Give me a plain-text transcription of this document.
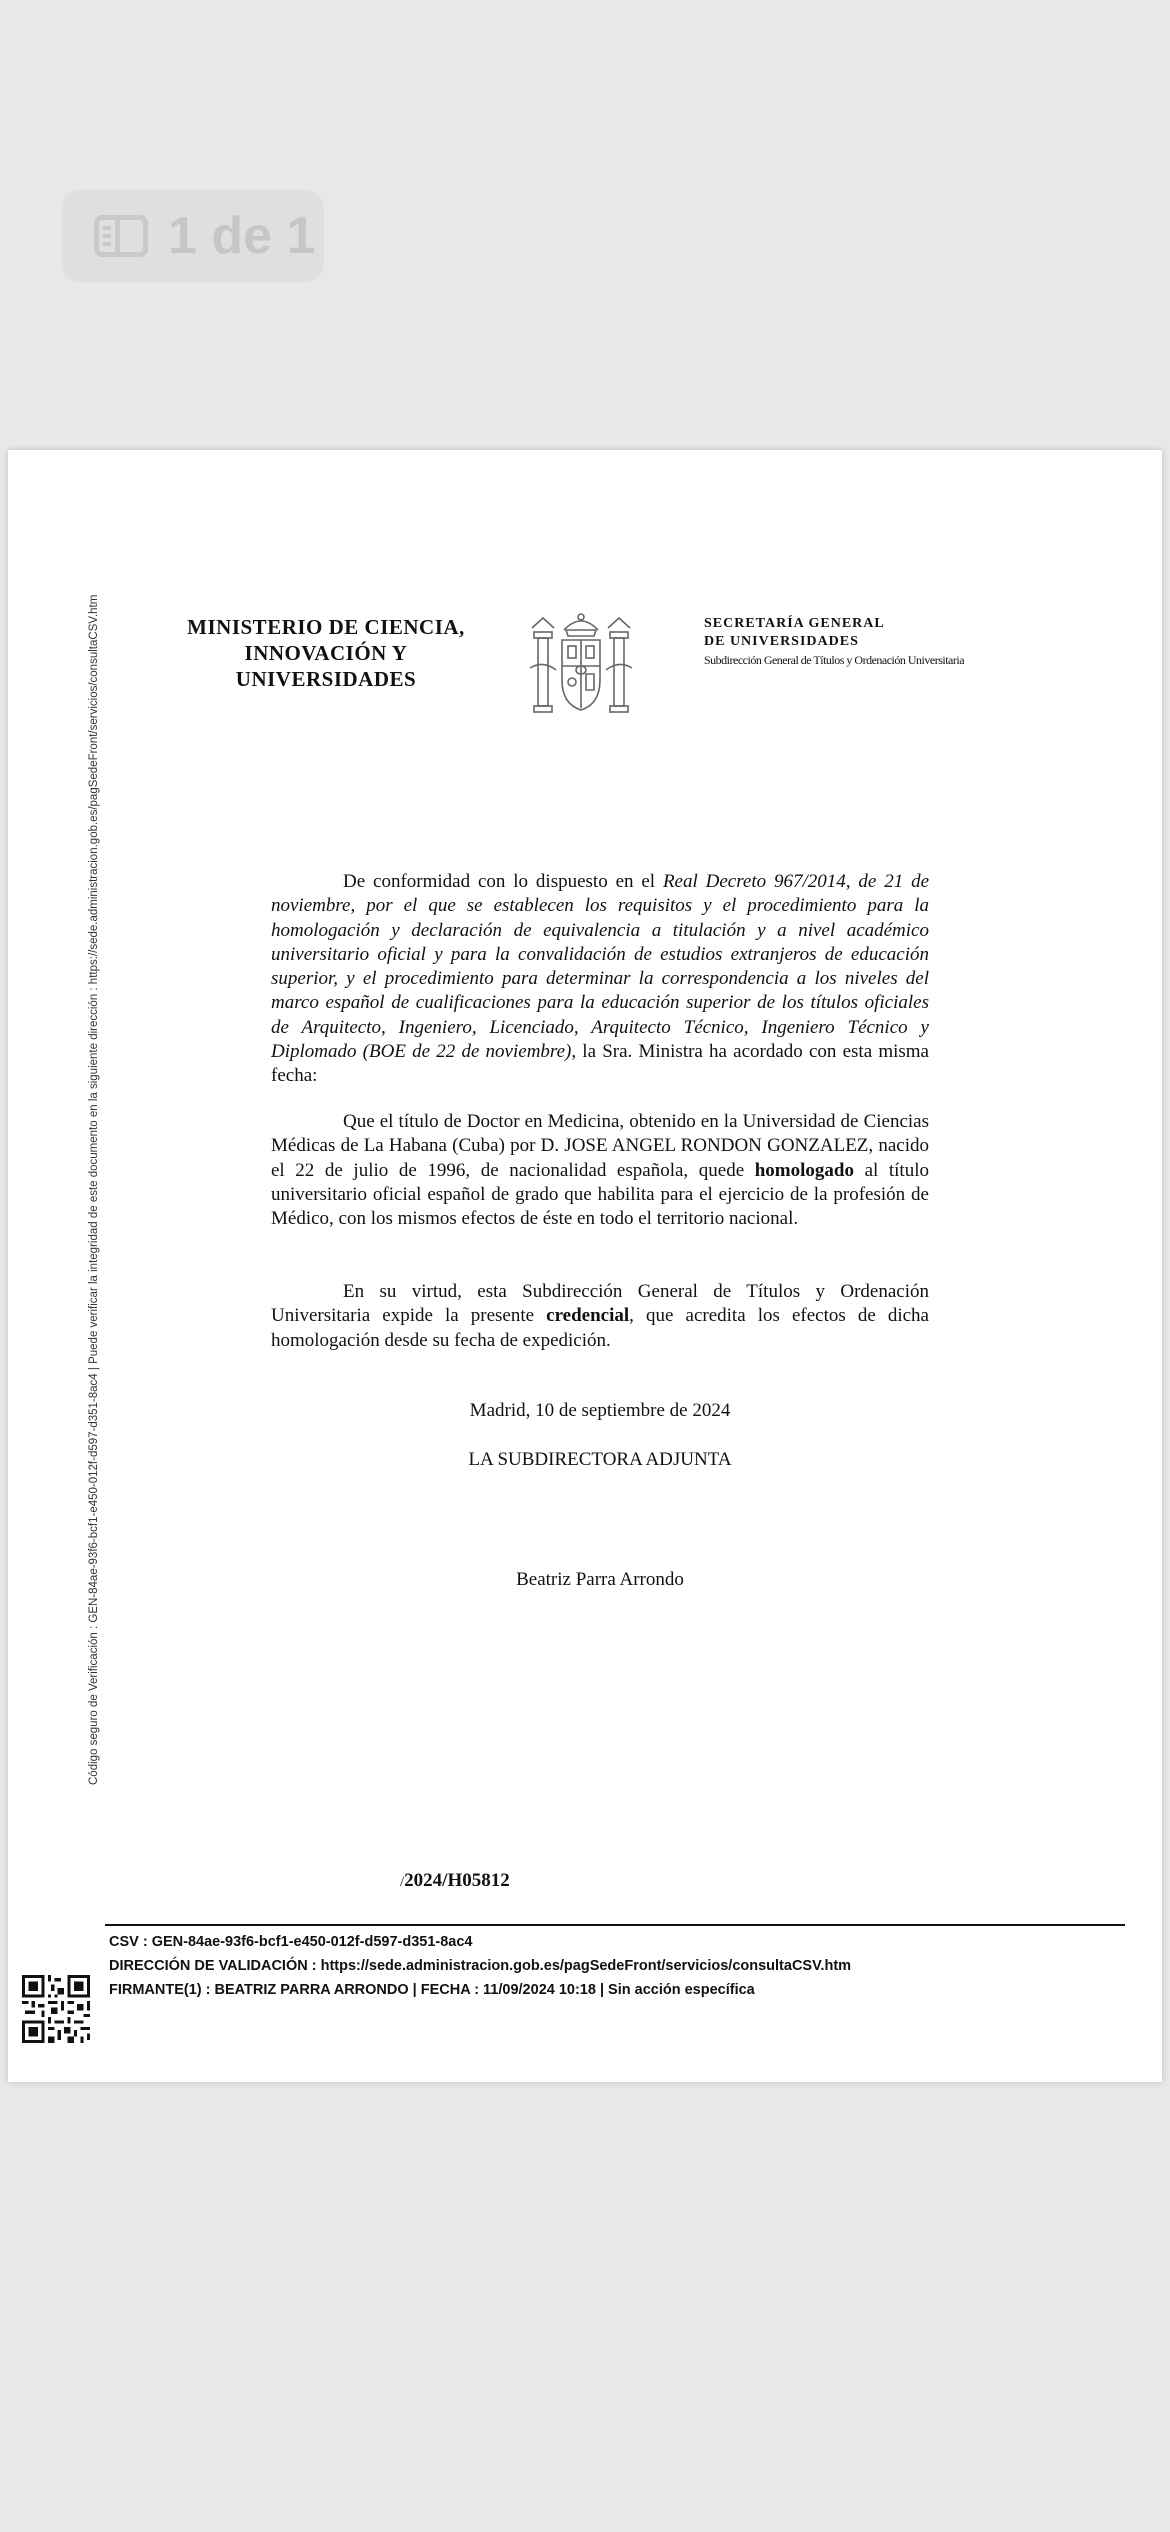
1 de 1
Código seguro de Verificación : GEN-84ae-93f6-bcf1-e450-012f-d597-d351-8ac4 | Puede verificar la integridad de este documento en la siguiente dirección : https://sede.administracion.gob.es/pagSedeFront/servicios/consultaCSV.htm	MINISTERIO DE CIENCIA,
INNOVACIÓN Y
UNIVERSIDADES
SECRETARÍA GENERAL
DE UNIVERSIDADES
Subdirección General de Títulos y Ordenación Universitaria
De conformidad con lo dispuesto en el Real Decreto 967/2014, de 21 de noviembre, por el que se establecen los requisitos y el procedimiento para la homologación y declaración de equivalencia a titulación y a nivel académico universitario oficial y para la convalidación de estudios extranjeros de educación superior, y el procedimiento para determinar la correspondencia a los niveles del marco español de cualificaciones para la educación superior de los títulos oficiales de Arquitecto, Ingeniero, Licenciado, Arquitecto Técnico, Ingeniero Técnico y Diplomado (BOE de 22 de noviembre), la Sra. Ministra ha acordado con esta misma fecha:
Que el título de Doctor en Medicina, obtenido en la Universidad de Ciencias Médicas de La Habana (Cuba) por D. JOSE ANGEL RONDON GONZALEZ, nacido el 22 de julio de 1996, de nacionalidad española, quede homologado al título universitario oficial español de grado que habilita para el ejercicio de la profesión de Médico, con los mismos efectos de éste en todo el territorio nacional.
En su virtud, esta Subdirección General de Títulos y Ordenación Universitaria expide la presente credencial, que acredita los efectos de dicha homologación desde su fecha de expedición.
Madrid, 10 de septiembre de 2024
LA SUBDIRECTORA ADJUNTA
Beatriz Parra Arrondo
/2024/H05812
CSV : GEN-84ae-93f6-bcf1-e450-012f-d597-d351-8ac4
DIRECCIÓN DE VALIDACIÓN : https://sede.administracion.gob.es/pagSedeFront/servicios/consultaCSV.htm
FIRMANTE(1) : BEATRIZ PARRA ARRONDO | FECHA : 11/09/2024 10:18 | Sin acción específica
